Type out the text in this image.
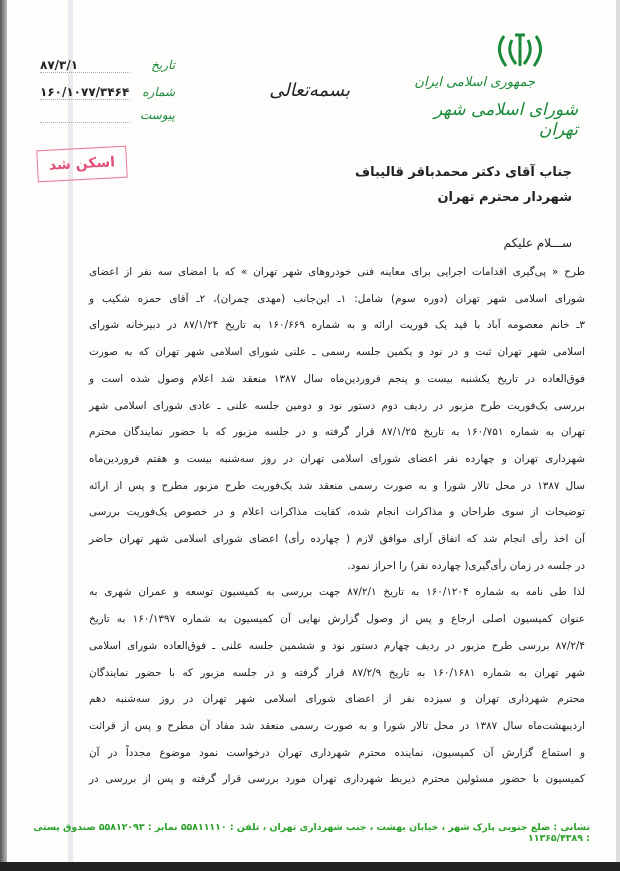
جمهوری اسلامی ایران
شورای اسلامی شهر تهران
بسمه‌تعالی
تاریخ
۸۷/۳/۱
شماره
۱۶۰/۱۰۷۷/۳۴۶۴
پیوست
اسکن شد	جناب آقای دکتر محمدباقر قالیباف
شهردار محترم تهران
ســـلام علیکم
طرح « پی‌گیری اقدامات اجرایی برای معاینه فنی خودروهای شهر تهران » که با امضای سه نفر از اعضای
شورای اسلامی شهر تهران (دوره سوم) شامل: ۱ـ این‌جانب (مهدی چمران)، ۲ـ آقای حمزه شکیب و
۳ـ خانم معصومه آباد با قید یک فوریت ارائه و به شماره ۱۶۰/۶۶۹ به تاریخ ۸۷/۱/۲۴ در دبیرخانه شورای
اسلامی شهر تهران ثبت و در نود و یکمین جلسه رسمی ـ علنی شورای اسلامی شهر تهران که به صورت
فوق‌العاده در تاریخ یکشنبه بیست و پنجم فروردین‌ماه سال ۱۳۸۷ منعقد شد اعلام وصول شده است و
بررسی یک‌فوریت طرح مزبور در ردیف دوم دستور نود و دومین جلسه علنی ـ عادی شورای اسلامی شهر
تهران به شماره ۱۶۰/۷۵۱ به تاریخ ۸۷/۱/۲۵ قرار گرفته و در جلسه مزبور که با حضور نمایندگان محترم
شهرداری تهران و چهارده نفر اعضای شورای اسلامی تهران در روز سه‌شنبه بیست و هفتم فروردین‌ماه
سال ۱۳۸۷ در محل تالار شورا و به صورت رسمی منعقد شد یک‌فوریت طرح مزبور مطرح و پس از ارائه
توضیحات از سوی طراحان و مذاکرات انجام شده، کفایت مذاکرات اعلام و در خصوص یک‌فوریت بررسی
آن اخذ رأی انجام شد که اتفاق آرای موافق لازم ( چهارده رأی) اعضای شورای اسلامی شهر تهران حاضر
در جلسه در زمان رأی‌گیری( چهارده نفر) را احراز نمود.
لذا طی نامه به شماره ۱۶۰/۱۲۰۴ به تاریخ ۸۷/۲/۱ جهت بررسی به کمیسیون توسعه و عمران شهری به
عنوان کمیسیون اصلی ارجاع و پس از وصول گزارش نهایی آن کمیسیون به شماره ۱۶۰/۱۳۹۷ به تاریخ
۸۷/۲/۴ بررسی طرح مزبور در ردیف چهارم دستور نود و ششمین جلسه علنی ـ فوق‌العاده شورای اسلامی
شهر تهران به شماره ۱۶۰/۱۶۸۱ به تاریخ ۸۷/۲/۹ قرار گرفته و در جلسه مزبور که با حضور نمایندگان
محترم شهرداری تهران و سیزده نفر از اعضای شورای اسلامی شهر تهران در روز سه‌شنبه دهم
اردیبهشت‌ماه سال ۱۳۸۷ در محل تالار شورا و به صورت رسمی منعقد شد مفاد آن مطرح و پس از قرائت
و استماع گزارش آن کمیسیون، نماینده محترم شهرداری تهران درخواست نمود موضوع مجدداً در آن
کمیسیون با حضور مسئولین محترم ذیربط شهرداری تهران مورد بررسی قرار گرفته و پس از بررسی در
نشانی : ضلع جنوبی پارک شهر ، خیابان بهشت ، جنب شهرداری تهران ، تلفن : ۵۵۸۱۱۱۱۰ نمابر : ۵۵۸۱۲۰۹۳ صندوق پستی : ۱۱۳۶۵/۴۳۸۹
